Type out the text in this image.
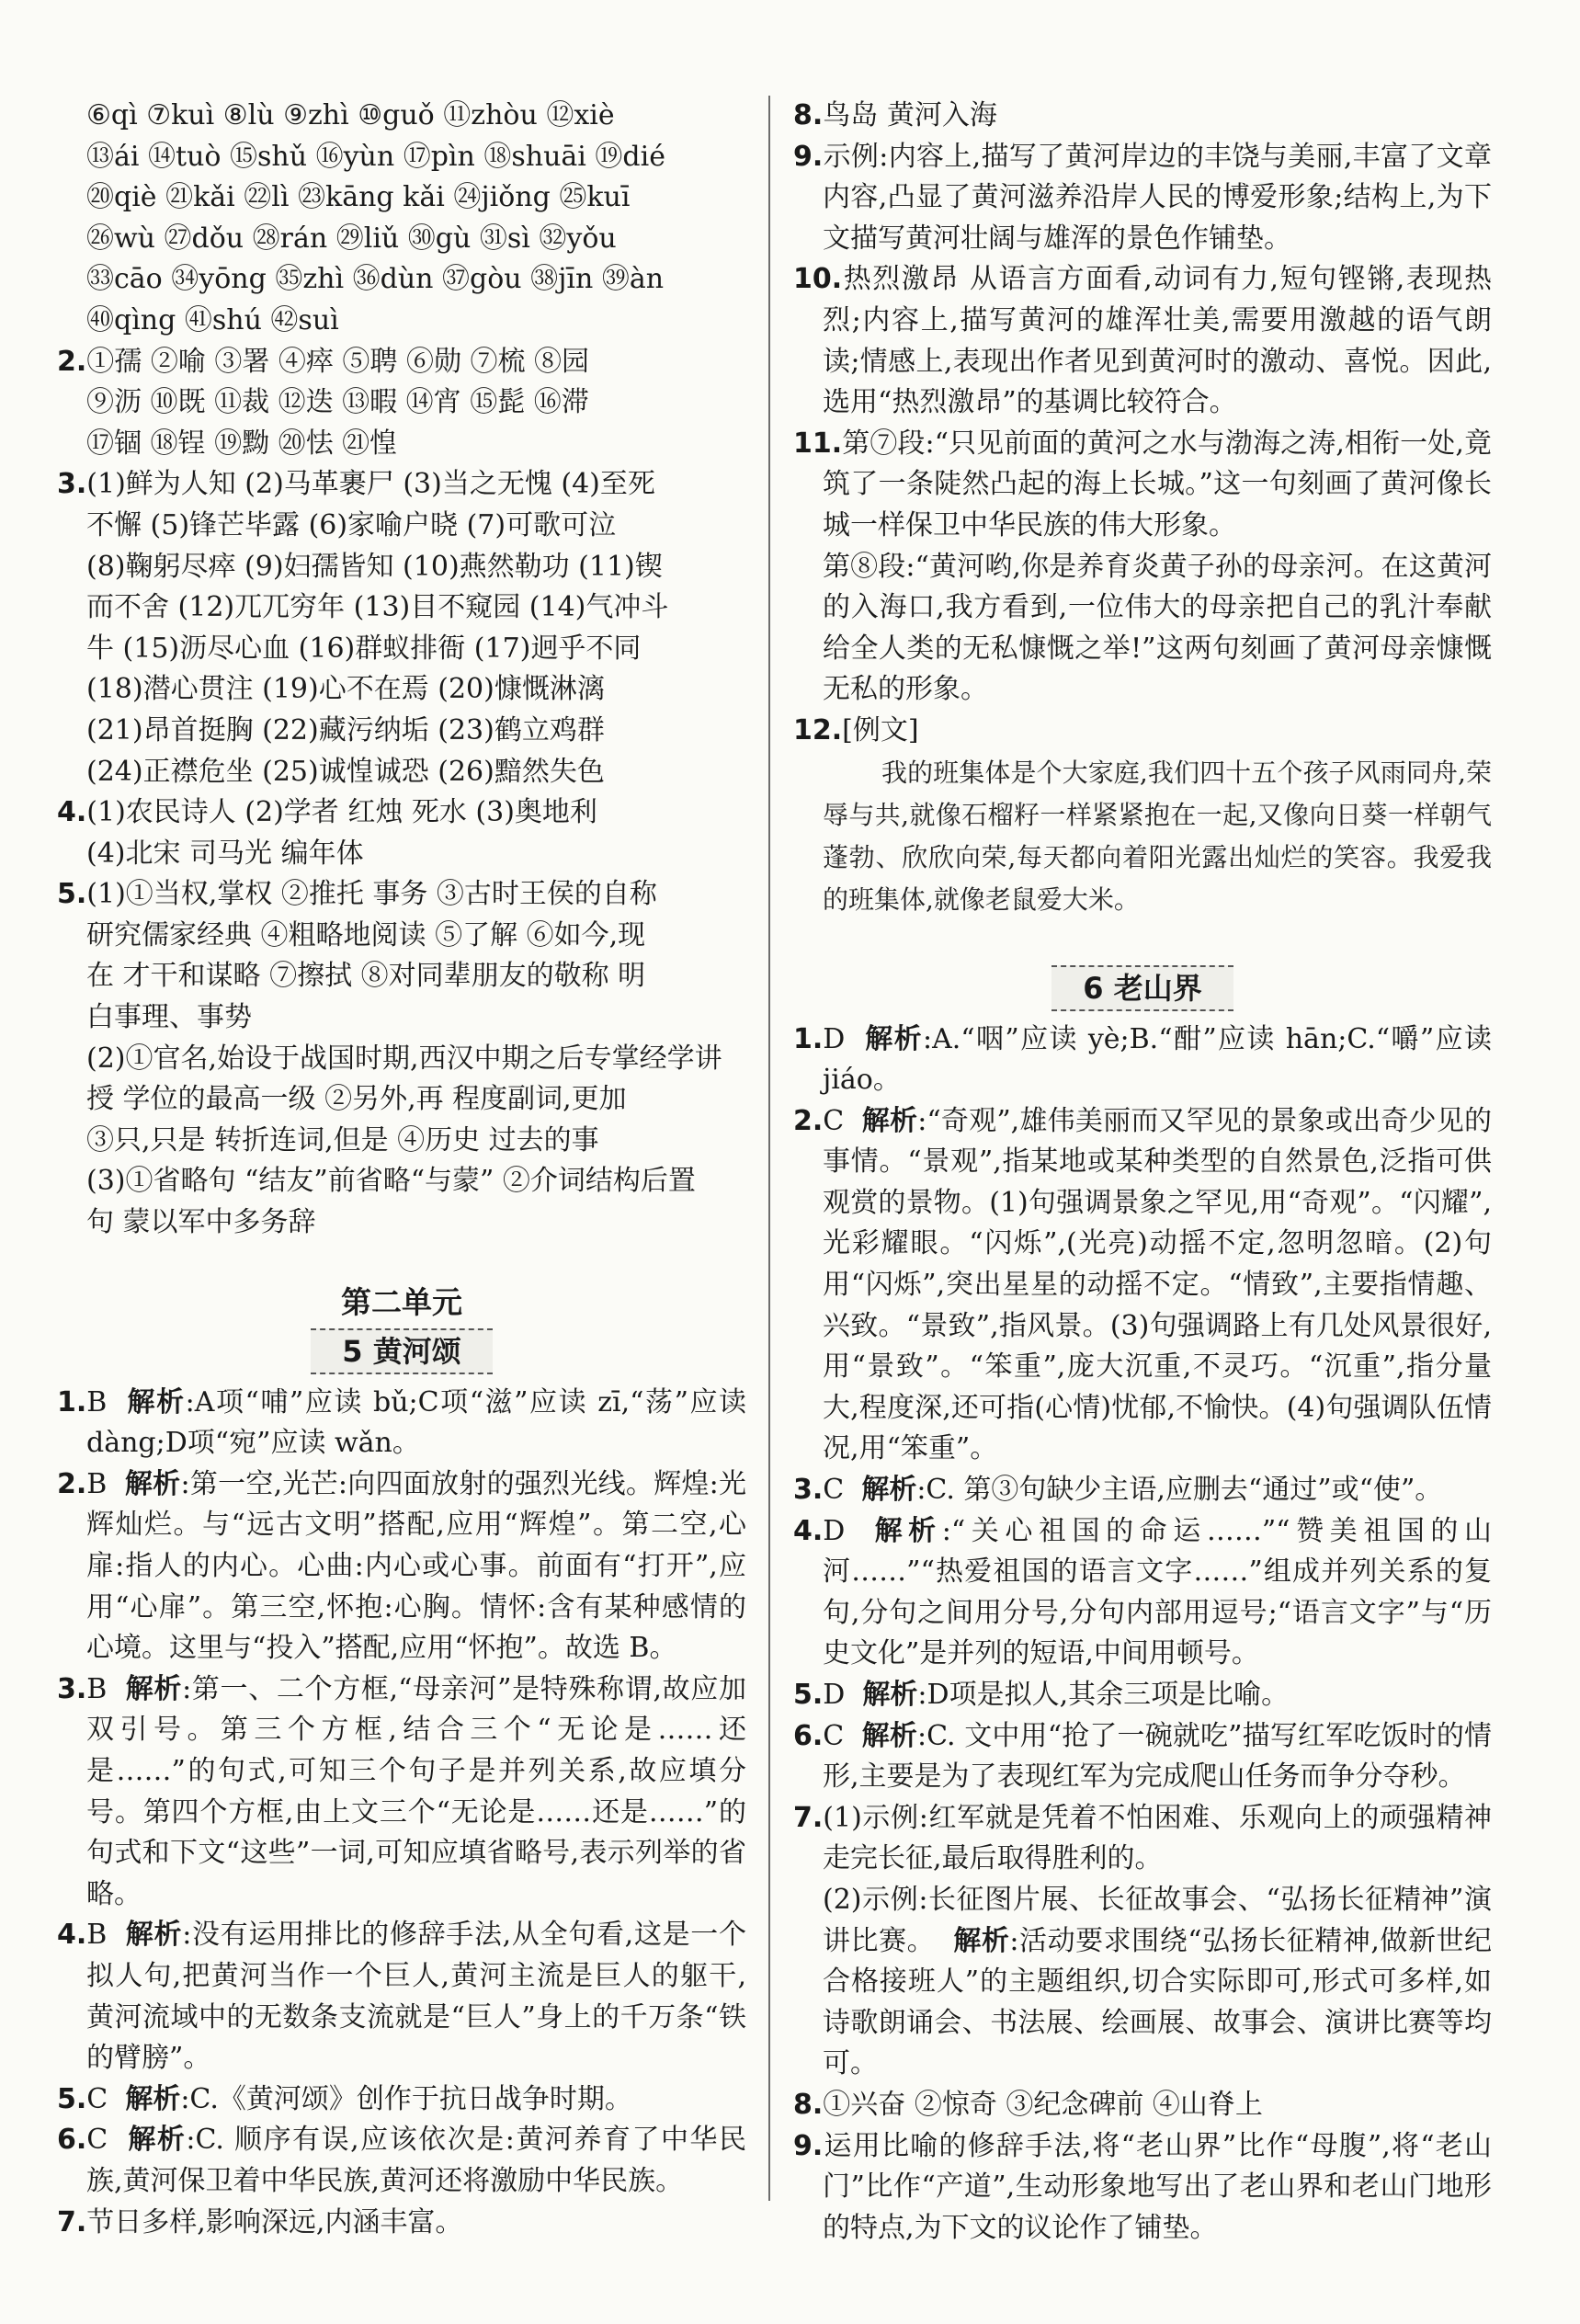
⑥qì ⑦kuì ⑧lù ⑨zhì ⑩guǒ ⑪zhòu ⑫xiè
⑬ái ⑭tuò ⑮shǔ ⑯yùn ⑰pìn ⑱shuāi ⑲dié
⑳qiè ㉑kǎi ㉒lì ㉓kāng kǎi ㉔jiǒng ㉕kuī
㉖wù ㉗dǒu ㉘rán ㉙liǔ ㉚gù ㉛sì ㉜yǒu
㉝cāo ㉞yōng ㉟zhì ㊱dùn ㊲gòu ㊳jīn ㊴àn
㊵qìng ㊶shú ㊷suì
2.①孺 ②喻 ③署 ④瘁 ⑤聘 ⑥勋 ⑦梳 ⑧园
⑨沥 ⑩既 ⑪裁 ⑫迭 ⑬暇 ⑭宵 ⑮髭 ⑯滞
⑰锢 ⑱锃 ⑲黝 ⑳怯 ㉑惶
3.(1)鲜为人知 (2)马革裹尸 (3)当之无愧 (4)至死
不懈 (5)锋芒毕露 (6)家喻户晓 (7)可歌可泣
(8)鞠躬尽瘁 (9)妇孺皆知 (10)燕然勒功 (11)锲
而不舍 (12)兀兀穷年 (13)目不窥园 (14)气冲斗
牛 (15)沥尽心血 (16)群蚁排衙 (17)迥乎不同
(18)潜心贯注 (19)心不在焉 (20)慷慨淋漓
(21)昂首挺胸 (22)藏污纳垢 (23)鹤立鸡群
(24)正襟危坐 (25)诚惶诚恐 (26)黯然失色
4.(1)农民诗人 (2)学者 红烛 死水 (3)奥地利
(4)北宋 司马光 编年体
5.(1)①当权,掌权 ②推托 事务 ③古时王侯的自称
研究儒家经典 ④粗略地阅读 ⑤了解 ⑥如今,现
在 才干和谋略 ⑦擦拭 ⑧对同辈朋友的敬称 明
白事理、事势
(2)①官名,始设于战国时期,西汉中期之后专掌经学讲
授 学位的最高一级 ②另外,再 程度副词,更加
③只,只是 转折连词,但是 ④历史 过去的事
(3)①省略句 “结友”前省略“与蒙” ②介词结构后置
句 蒙以军中多务辞
第二单元
5 黄河颂
1.B 解析:A项“哺”应读 bǔ;C项“滋”应读 zī,“荡”应读 dàng;D项“宛”应读 wǎn。
2.B 解析:第一空,光芒:向四面放射的强烈光线。辉煌:光辉灿烂。与“远古文明”搭配,应用“辉煌”。第二空,心扉:指人的内心。心曲:内心或心事。前面有“打开”,应用“心扉”。第三空,怀抱:心胸。情怀:含有某种感情的心境。这里与“投入”搭配,应用“怀抱”。故选 B。
3.B 解析:第一、二个方框,“母亲河”是特殊称谓,故应加双引号。第三个方框,结合三个“无论是……还是……”的句式,可知三个句子是并列关系,故应填分号。第四个方框,由上文三个“无论是……还是……”的句式和下文“这些”一词,可知应填省略号,表示列举的省略。
4.B 解析:没有运用排比的修辞手法,从全句看,这是一个拟人句,把黄河当作一个巨人,黄河主流是巨人的躯干,黄河流域中的无数条支流就是“巨人”身上的千万条“铁的臂膀”。
5.C 解析:C.《黄河颂》创作于抗日战争时期。
6.C 解析:C. 顺序有误,应该依次是:黄河养育了中华民族,黄河保卫着中华民族,黄河还将激励中华民族。
7.节日多样,影响深远,内涵丰富。
8.鸟岛 黄河入海
9.示例:内容上,描写了黄河岸边的丰饶与美丽,丰富了文章内容,凸显了黄河滋养沿岸人民的博爱形象;结构上,为下文描写黄河壮阔与雄浑的景色作铺垫。
10.热烈激昂 从语言方面看,动词有力,短句铿锵,表现热烈;内容上,描写黄河的雄浑壮美,需要用激越的语气朗读;情感上,表现出作者见到黄河时的激动、喜悦。因此,选用“热烈激昂”的基调比较符合。
11.第⑦段:“只见前面的黄河之水与渤海之涛,相衔一处,竟筑了一条陡然凸起的海上长城。”这一句刻画了黄河像长城一样保卫中华民族的伟大形象。
第⑧段:“黄河哟,你是养育炎黄子孙的母亲河。在这黄河的入海口,我方看到,一位伟大的母亲把自己的乳汁奉献给全人类的无私慷慨之举!”这两句刻画了黄河母亲慷慨无私的形象。
12.[例文]
我的班集体是个大家庭,我们四十五个孩子风雨同舟,荣辱与共,就像石榴籽一样紧紧抱在一起,又像向日葵一样朝气蓬勃、欣欣向荣,每天都向着阳光露出灿烂的笑容。我爱我的班集体,就像老鼠爱大米。
6 老山界
1.D 解析:A.“咽”应读 yè;B.“酣”应读 hān;C.“嚼”应读 jiáo。
2.C 解析:“奇观”,雄伟美丽而又罕见的景象或出奇少见的事情。“景观”,指某地或某种类型的自然景色,泛指可供观赏的景物。(1)句强调景象之罕见,用“奇观”。“闪耀”,光彩耀眼。“闪烁”,(光亮)动摇不定,忽明忽暗。(2)句用“闪烁”,突出星星的动摇不定。“情致”,主要指情趣、兴致。“景致”,指风景。(3)句强调路上有几处风景很好,用“景致”。“笨重”,庞大沉重,不灵巧。“沉重”,指分量大,程度深,还可指(心情)忧郁,不愉快。(4)句强调队伍情况,用“笨重”。
3.C 解析:C. 第③句缺少主语,应删去“通过”或“使”。
4.D 解析:“关心祖国的命运……”“赞美祖国的山河……”“热爱祖国的语言文字……”组成并列关系的复句,分句之间用分号,分句内部用逗号;“语言文字”与“历史文化”是并列的短语,中间用顿号。
5.D 解析:D项是拟人,其余三项是比喻。
6.C 解析:C. 文中用“抢了一碗就吃”描写红军吃饭时的情形,主要是为了表现红军为完成爬山任务而争分夺秒。
7.(1)示例:红军就是凭着不怕困难、乐观向上的顽强精神走完长征,最后取得胜利的。
(2)示例:长征图片展、长征故事会、“弘扬长征精神”演讲比赛。 解析:活动要求围绕“弘扬长征精神,做新世纪合格接班人”的主题组织,切合实际即可,形式可多样,如诗歌朗诵会、书法展、绘画展、故事会、演讲比赛等均可。
8.①兴奋 ②惊奇 ③纪念碑前 ④山脊上
9.运用比喻的修辞手法,将“老山界”比作“母腹”,将“老山门”比作“产道”,生动形象地写出了老山界和老山门地形的特点,为下文的议论作了铺垫。
